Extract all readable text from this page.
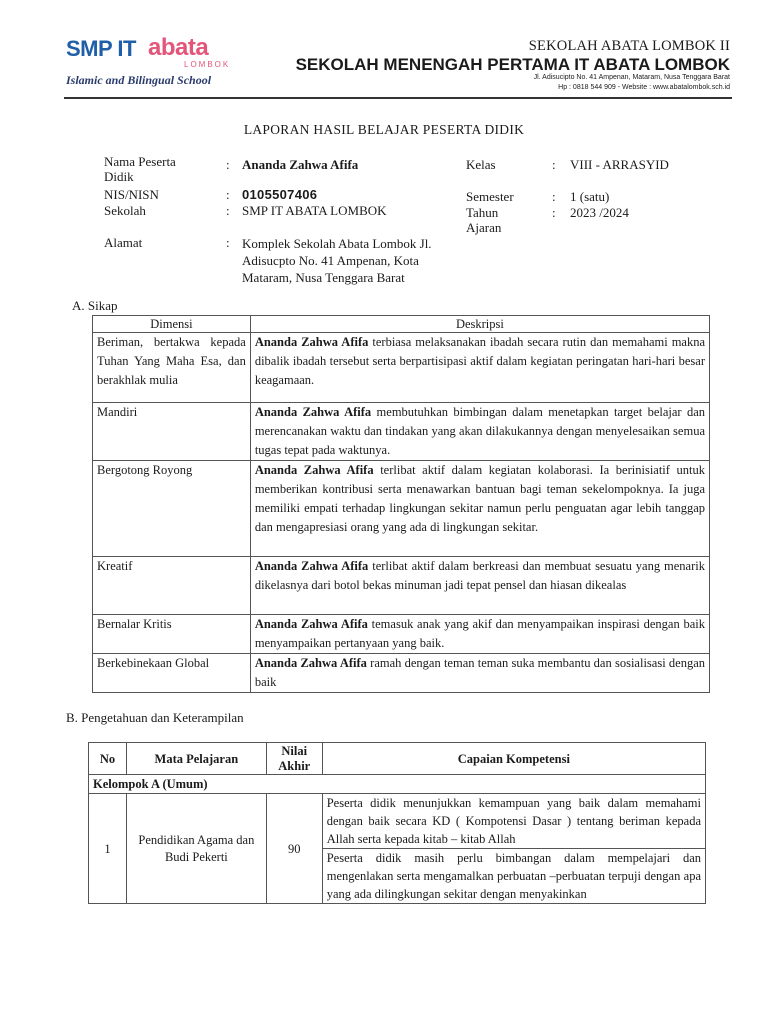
SMP IT abata
LOMBOK
Islamic and Bilingual School
SEKOLAH ABATA LOMBOK II
SEKOLAH MENENGAH PERTAMA IT ABATA LOMBOK
Jl. Adisucipto No. 41 Ampenan, Mataram, Nusa Tenggara Barat
Hp : 0818 544 909 - Website : www.abatalombok.sch.id
LAPORAN HASIL BELAJAR PESERTA DIDIK
Nama Peserta Didik
: Ananda Zahwa Afifa
NIS/NISN	: 0105507406
Sekolah	: SMP IT ABATA LOMBOK
Alamat	: Komplek Sekolah Abata Lombok Jl. Adisucpto No. 41 Ampenan, Kota Mataram, Nusa Tenggara Barat
Kelas	: VIII - ARRASYID
Semester	: 1 (satu)
Tahun Ajaran
: 2023 /2024
A. Sikap
Dimensi	Deskripsi
Beriman, bertakwa kepada Tuhan Yang Maha Esa, dan berakhlak mulia	Ananda Zahwa Afifa terbiasa melaksanakan ibadah secara rutin dan memahami makna dibalik ibadah tersebut serta berpartisipasi aktif dalam kegiatan peringatan hari-hari besar keagamaan.
Mandiri	Ananda Zahwa Afifa membutuhkan bimbingan dalam menetapkan target belajar dan merencanakan waktu dan tindakan yang akan dilakukannya dengan menyelesaikan semua tugas tepat pada waktunya.
Bergotong Royong	Ananda Zahwa Afifa terlibat aktif dalam kegiatan kolaborasi. Ia berinisiatif untuk memberikan kontribusi serta menawarkan bantuan bagi teman sekelompoknya. Ia juga memiliki empati terhadap lingkungan sekitar namun perlu penguatan agar lebih tanggap dan mengapresiasi orang yang ada di lingkungan sekitar.
Kreatif	Ananda Zahwa Afifa terlibat aktif dalam berkreasi dan membuat sesuatu yang menarik dikelasnya dari botol bekas minuman jadi tepat pensel dan hiasan dikealas
Bernalar Kritis	Ananda Zahwa Afifa temasuk anak yang akif dan menyampaikan inspirasi dengan baik menyampaikan pertanyaan yang baik.
Berkebinekaan Global	Ananda Zahwa Afifa ramah dengan teman teman suka membantu dan sosialisasi dengan baik
B. Pengetahuan dan Keterampilan
No	Mata Pelajaran	Nilai Akhir	Capaian Kompetensi
Kelompok A (Umum)			
1	Pendidikan Agama dan Budi Pekerti	90	Peserta didik menunjukkan kemampuan yang baik dalam memahami dengan baik secara KD ( Kompotensi Dasar ) tentang beriman kepada Allah serta kepada kitab – kitab Allah
			Peserta didik masih perlu bimbangan dalam mempelajari dan mengenlakan serta mengamalkan perbuatan –perbuatan terpuji dengan apa yang ada dilingkungan sekitar dengan menyakinkan
